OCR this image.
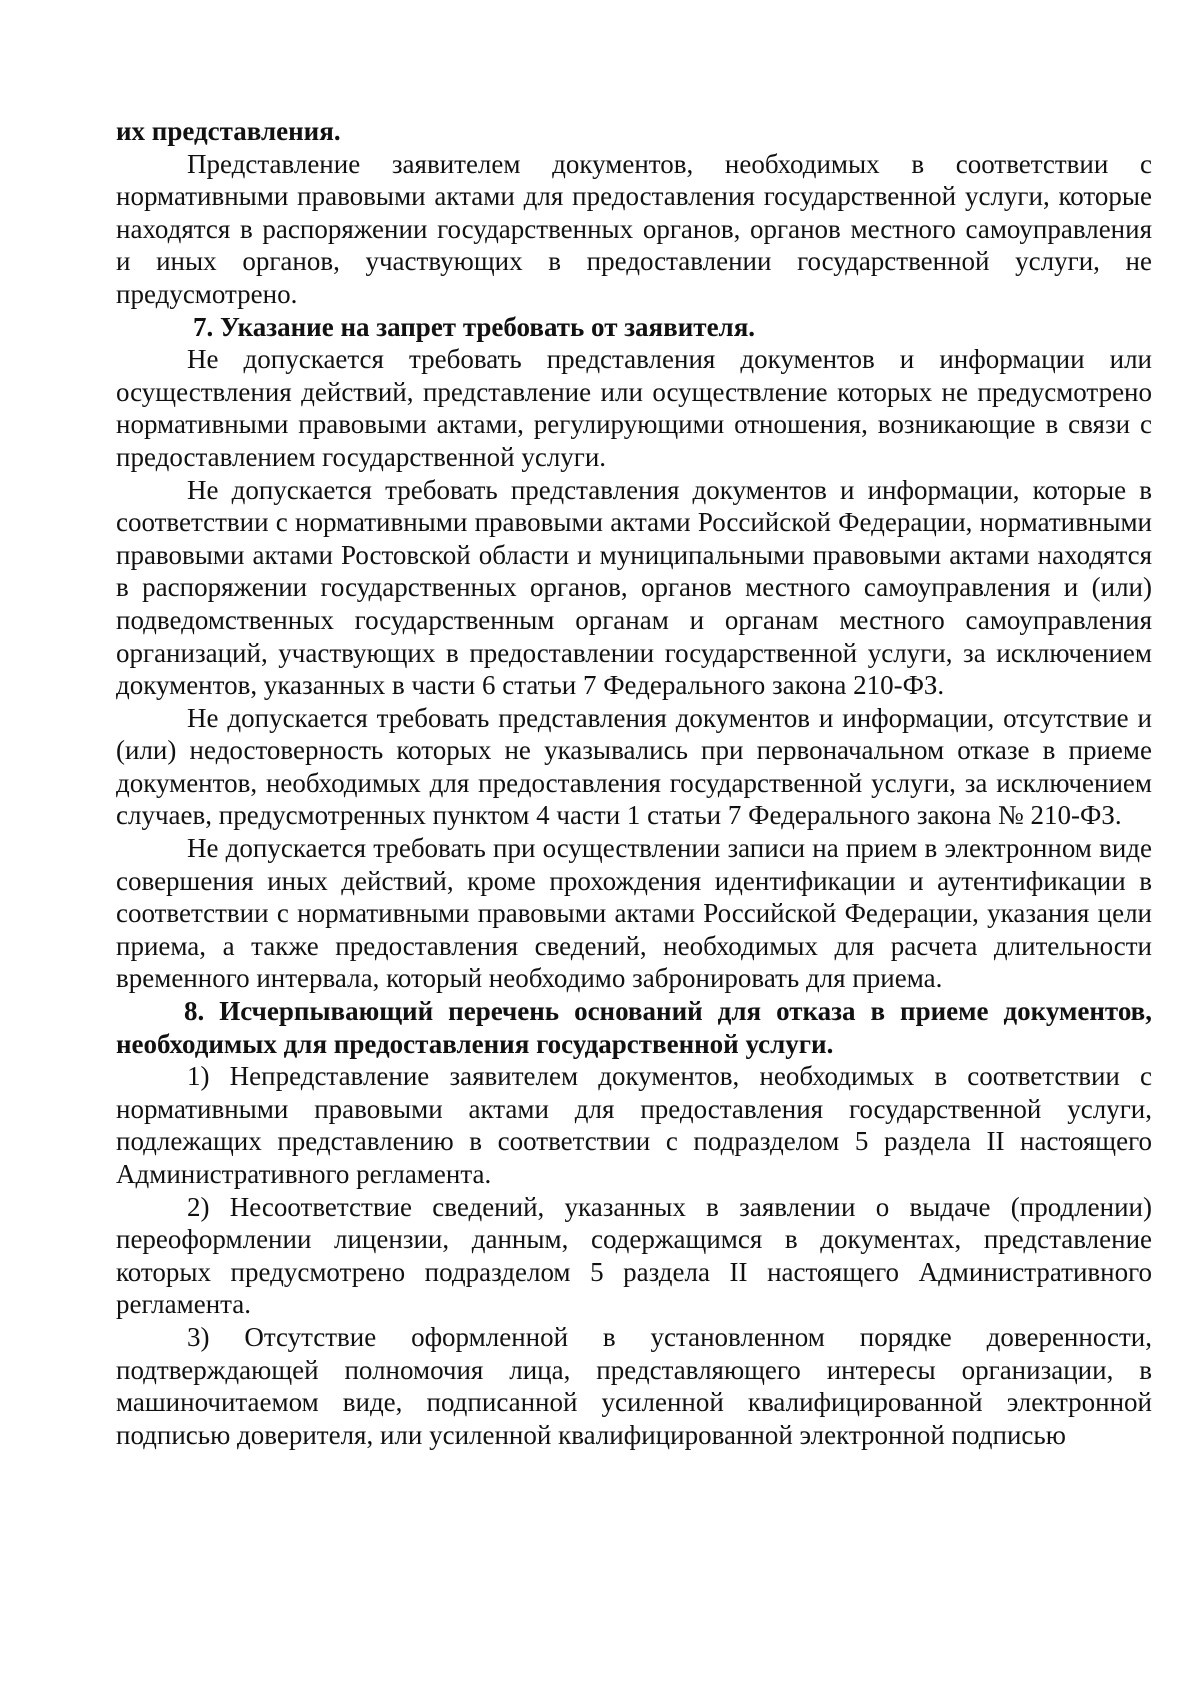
их представления.

Представление заявителем документов, необходимых в соответствии с нормативными правовыми актами для предоставления государственной услуги, которые находятся в распоряжении государственных органов, органов местного самоуправления и иных органов, участвующих в предоставлении государственной услуги, не предусмотрено.

7. Указание на запрет требовать от заявителя.

Не допускается требовать представления документов и информации или осуществления действий, представление или осуществление которых не предусмотрено нормативными правовыми актами, регулирующими отношения, возникающие в связи с предоставлением государственной услуги.

Не допускается требовать представления документов и информации, которые в соответствии с нормативными правовыми актами Российской Федерации, нормативными правовыми актами Ростовской области и муниципальными правовыми актами находятся в распоряжении государственных органов, органов местного самоуправления и (или) подведомственных государственным органам и органам местного самоуправления организаций, участвующих в предоставлении государственной услуги, за исключением документов, указанных в части 6 статьи 7 Федерального закона 210-ФЗ.

Не допускается требовать представления документов и информации, отсутствие и (или) недостоверность которых не указывались при первоначальном отказе в приеме документов, необходимых для предоставления государственной услуги, за исключением случаев, предусмотренных пунктом 4 части 1 статьи 7 Федерального закона № 210-ФЗ.

Не допускается требовать при осуществлении записи на прием в электронном виде совершения иных действий, кроме прохождения идентификации и аутентификации в соответствии с нормативными правовыми актами Российской Федерации, указания цели приема, а также предоставления сведений, необходимых для расчета длительности временного интервала, который необходимо забронировать для приема.

8. Исчерпывающий перечень оснований для отказа в приеме документов, необходимых для предоставления государственной услуги.

1) Непредставление заявителем документов, необходимых в соответствии с нормативными правовыми актами для предоставления государственной услуги, подлежащих представлению в соответствии с подразделом 5 раздела II настоящего Административного регламента.

2) Несоответствие сведений, указанных в заявлении о выдаче (продлении) переоформлении лицензии, данным, содержащимся в документах, представление которых предусмотрено подразделом 5 раздела II настоящего Административного регламента.

3) Отсутствие оформленной в установленном порядке доверенности, подтверждающей полномочия лица, представляющего интересы организации, в машиночитаемом виде, подписанной усиленной квалифицированной электронной подписью доверителя, или усиленной квалифицированной электронной подписью
